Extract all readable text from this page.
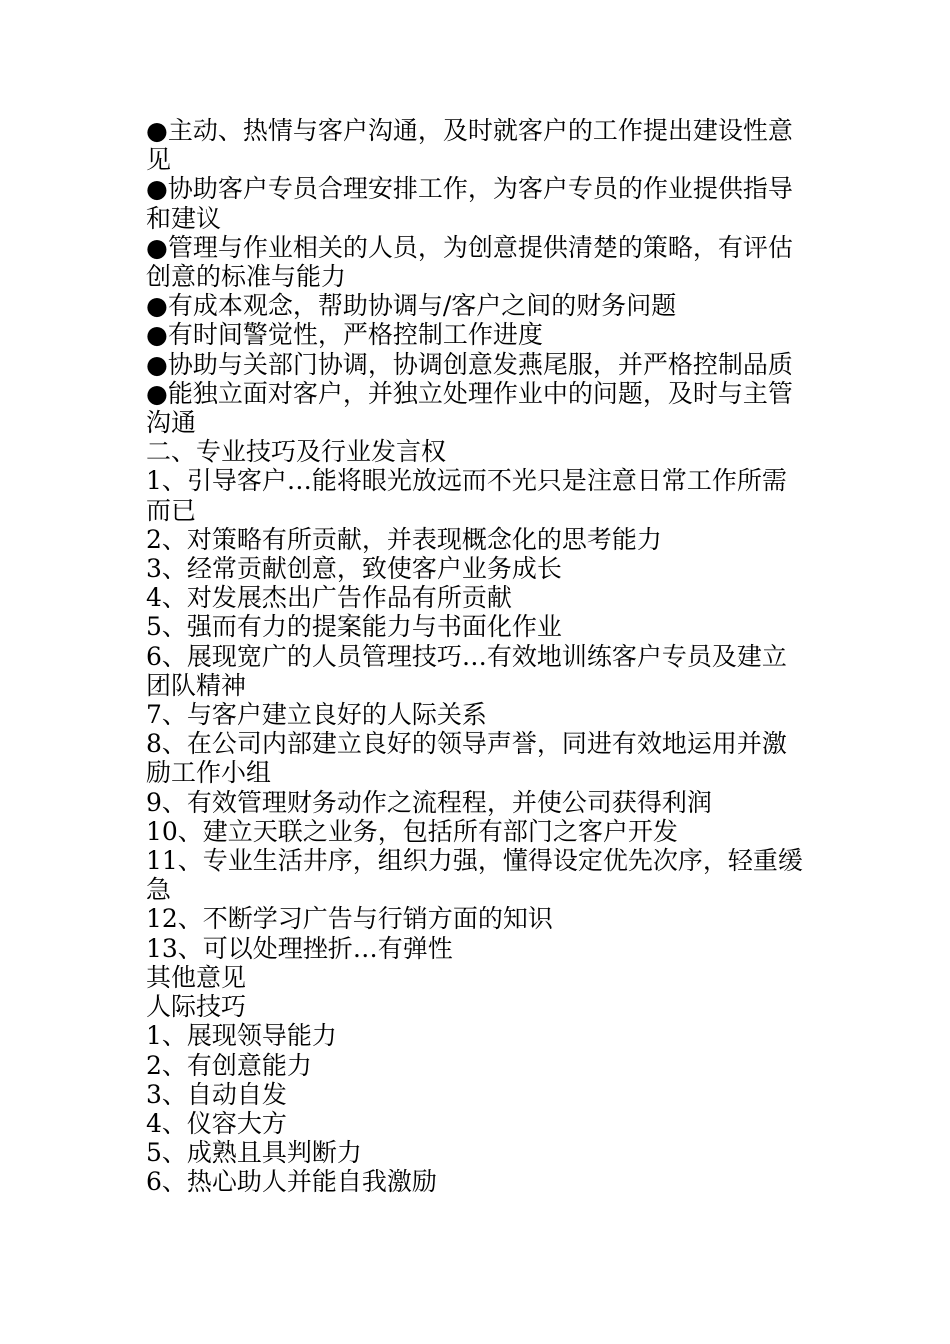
●主动、热情与客户沟通，及时就客户的工作提出建设性意见

●协助客户专员合理安排工作，为客户专员的作业提供指导和建议

●管理与作业相关的人员，为创意提供清楚的策略，有评估创意的标准与能力

●有成本观念，帮助协调与/客户之间的财务问题

●有时间警觉性，严格控制工作进度

●协助与关部门协调，协调创意发燕尾服，并严格控制品质

●能独立面对客户，并独立处理作业中的问题，及时与主管沟通

二、专业技巧及行业发言权

1、引导客户…能将眼光放远而不光只是注意日常工作所需而已

2、对策略有所贡献，并表现概念化的思考能力

3、经常贡献创意，致使客户业务成长

4、对发展杰出广告作品有所贡献

5、强而有力的提案能力与书面化作业

6、展现宽广的人员管理技巧…有效地训练客户专员及建立团队精神

7、与客户建立良好的人际关系

8、在公司内部建立良好的领导声誉，同进有效地运用并激励工作小组

9、有效管理财务动作之流程程，并使公司获得利润

10、建立天联之业务，包括所有部门之客户开发

11、专业生活井序，组织力强，懂得设定优先次序，轻重缓急

12、不断学习广告与行销方面的知识

13、可以处理挫折…有弹性

其他意见

人际技巧

1、展现领导能力

2、有创意能力

3、自动自发

4、仪容大方

5、成熟且具判断力

6、热心助人并能自我激励
